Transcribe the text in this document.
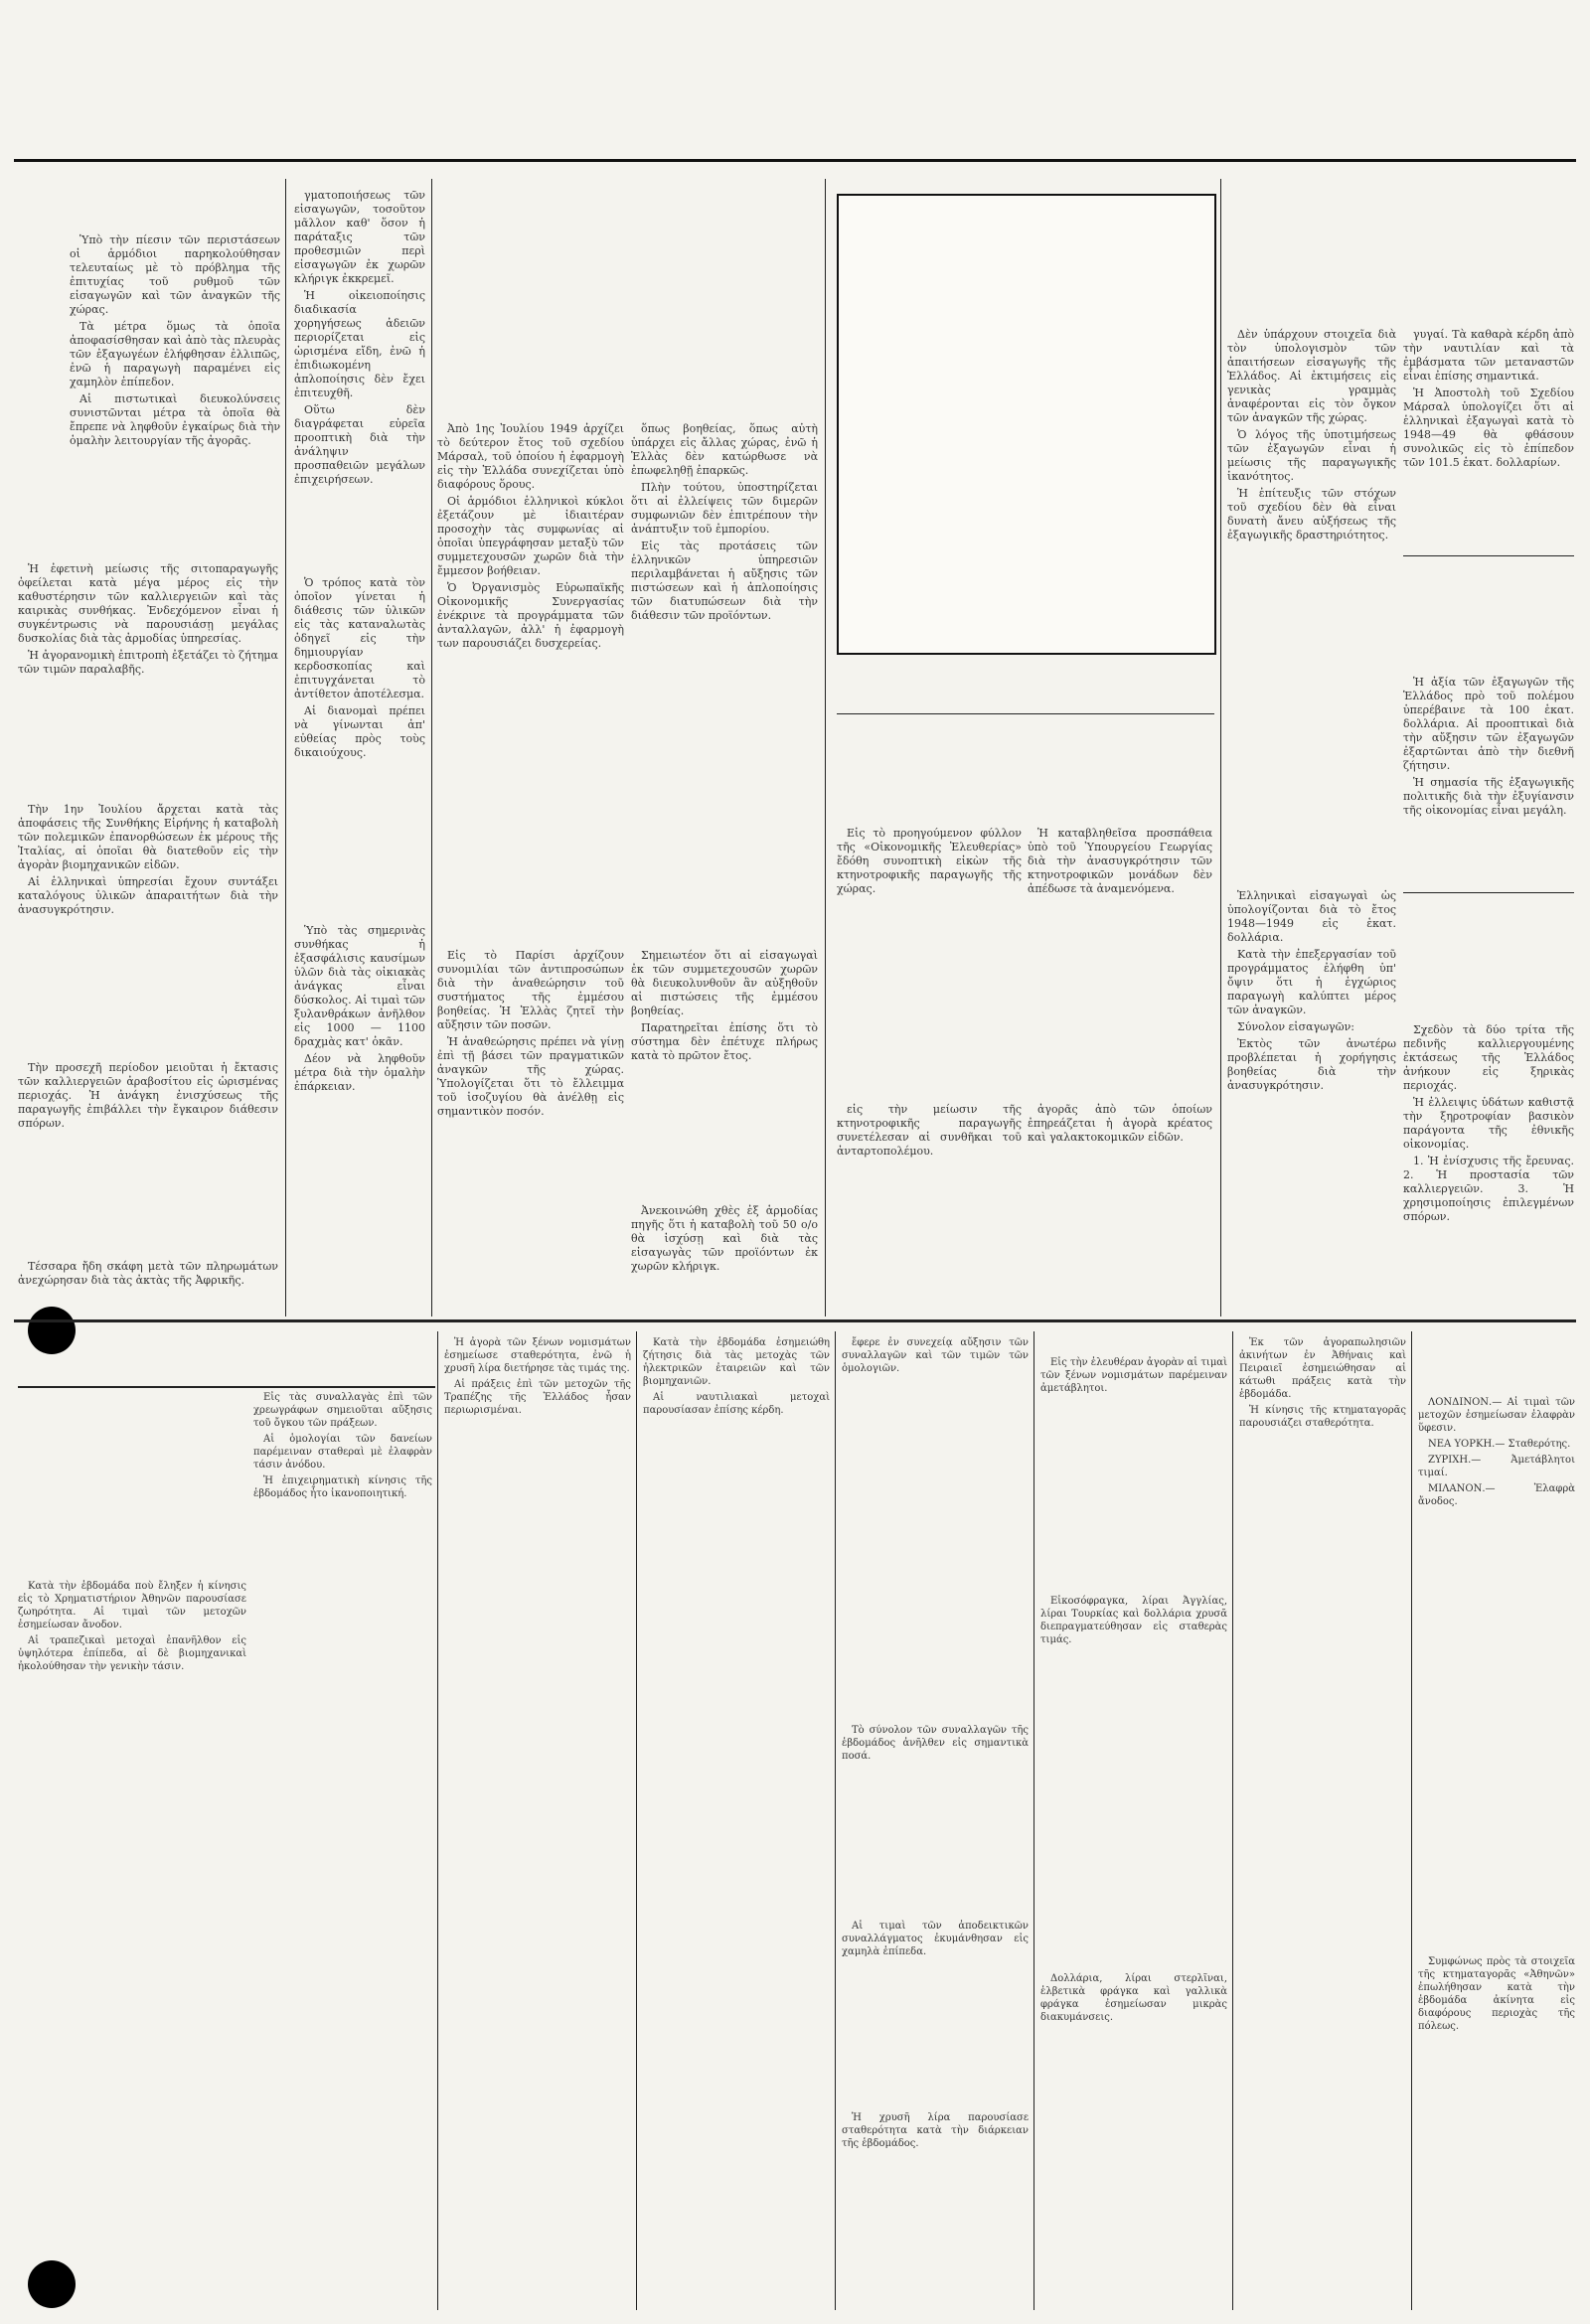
Ὑπὸ τὴν πίεσιν τῶν περιστάσεων οἱ ἁρμόδιοι παρηκολούθησαν τελευταίως μὲ τὸ πρόβλημα τῆς ἐπιτυχίας τοῦ ρυθμοῦ τῶν εἰσαγωγῶν καὶ τῶν ἀναγκῶν τῆς χώρας.

Τὰ μέτρα ὅμως τὰ ὁποῖα ἀποφασίσθησαν καὶ ἀπὸ τὰς πλευρὰς τῶν ἐξαγωγέων ἐλήφθησαν ἐλλιπῶς, ἐνῶ ἡ παραγωγὴ παραμένει εἰς χαμηλὸν ἐπίπεδον.

Αἱ πιστωτικαὶ διευκολύνσεις συνιστῶνται μέτρα τὰ ὁποῖα θὰ ἔπρεπε νὰ ληφθοῦν ἐγκαίρως διὰ τὴν ὁμαλὴν λειτουργίαν τῆς ἀγορᾶς.

Ἡ ἐφετινὴ μείωσις τῆς σιτοπαραγωγῆς ὀφείλεται κατὰ μέγα μέρος εἰς τὴν καθυστέρησιν τῶν καλλιεργειῶν καὶ τὰς καιρικὰς συνθήκας. Ἐνδεχόμενον εἶναι ἡ συγκέντρωσις νὰ παρουσιάσῃ μεγάλας δυσκολίας διὰ τὰς ἀρμοδίας ὑπηρεσίας.

Ἡ ἀγορανομικὴ ἐπιτροπὴ ἐξετάζει τὸ ζήτημα τῶν τιμῶν παραλαβῆς.

Τὴν 1ην Ἰουλίου ἄρχεται κατὰ τὰς ἀποφάσεις τῆς Συνθήκης Εἰρήνης ἡ καταβολὴ τῶν πολεμικῶν ἐπανορθώσεων ἐκ μέρους τῆς Ἰταλίας, αἱ ὁποῖαι θὰ διατεθοῦν εἰς τὴν ἀγορὰν βιομηχανικῶν εἰδῶν.

Αἱ ἑλληνικαὶ ὑπηρεσίαι ἔχουν συντάξει καταλόγους ὑλικῶν ἀπαραιτήτων διὰ τὴν ἀνασυγκρότησιν.

Τὴν προσεχῆ περίοδον μειοῦται ἡ ἔκτασις τῶν καλλιεργειῶν ἀραβοσίτου εἰς ὡρισμένας περιοχάς. Ἡ ἀνάγκη ἐνισχύσεως τῆς παραγωγῆς ἐπιβάλλει τὴν ἔγκαιρον διάθεσιν σπόρων.

Τέσσαρα ἤδη σκάφη μετὰ τῶν πληρωμάτων ἀνεχώρησαν διὰ τὰς ἀκτὰς τῆς Ἀφρικῆς.

γματοποιήσεως τῶν εἰσαγωγῶν, τοσοῦτον μᾶλλον καθ' ὅσον ἡ παράταξις τῶν προθεσμιῶν περὶ εἰσαγωγῶν ἐκ χωρῶν κλήριγκ ἐκκρεμεῖ.

Ἡ οἰκειοποίησις διαδικασία χορηγήσεως ἀδειῶν περιορίζεται εἰς ὡρισμένα εἴδη, ἐνῶ ἡ ἐπιδιωκομένη ἀπλοποίησις δὲν ἔχει ἐπιτευχθῆ.

Οὕτω δὲν διαγράφεται εὐρεῖα προοπτικὴ διὰ τὴν ἀνάληψιν προσπαθειῶν μεγάλων ἐπιχειρήσεων.

Ὁ τρόπος κατὰ τὸν ὁποῖον γίνεται ἡ διάθεσις τῶν ὑλικῶν εἰς τὰς καταναλωτὰς ὁδηγεῖ εἰς τὴν δημιουργίαν κερδοσκοπίας καὶ ἐπιτυγχάνεται τὸ ἀντίθετον ἀποτέλεσμα.

Αἱ διανομαὶ πρέπει νὰ γίνωνται ἀπ' εὐθείας πρὸς τοὺς δικαιούχους.

Ὑπὸ τὰς σημερινὰς συνθήκας ἡ ἐξασφάλισις καυσίμων ὑλῶν διὰ τὰς οἰκιακὰς ἀνάγκας εἶναι δύσκολος. Αἱ τιμαὶ τῶν ξυλανθράκων ἀνῆλθον εἰς 1000 — 1100 δραχμὰς κατ' ὀκᾶν.

Δέον νὰ ληφθοῦν μέτρα διὰ τὴν ὁμαλὴν ἐπάρκειαν.

Ἀπὸ 1ης Ἰουλίου 1949 ἀρχίζει τὸ δεύτερον ἔτος τοῦ σχεδίου Μάρσαλ, τοῦ ὁποίου ἡ ἐφαρμογὴ εἰς τὴν Ἑλλάδα συνεχίζεται ὑπὸ διαφόρους ὅρους.

Οἱ ἁρμόδιοι ἑλληνικοὶ κύκλοι ἐξετάζουν μὲ ἰδιαιτέραν προσοχὴν τὰς συμφωνίας αἱ ὁποῖαι ὑπεγράφησαν μεταξὺ τῶν συμμετεχουσῶν χωρῶν διὰ τὴν ἔμμεσον βοήθειαν.

Ὁ Ὀργανισμὸς Εὐρωπαϊκῆς Οἰκονομικῆς Συνεργασίας ἐνέκρινε τὰ προγράμματα τῶν ἀνταλλαγῶν, ἀλλ' ἡ ἐφαρμογὴ των παρουσιάζει δυσχερείας.

ὅπως βοηθείας, ὅπως αὐτὴ ὑπάρχει εἰς ἄλλας χώρας, ἐνῶ ἡ Ἑλλὰς δὲν κατώρθωσε νὰ ἐπωφεληθῇ ἐπαρκῶς.

Πλὴν τούτου, ὑποστηρίζεται ὅτι αἱ ἐλλείψεις τῶν διμερῶν συμφωνιῶν δὲν ἐπιτρέπουν τὴν ἀνάπτυξιν τοῦ ἐμπορίου.

Εἰς τὰς προτάσεις τῶν ἑλληνικῶν ὑπηρεσιῶν περιλαμβάνεται ἡ αὔξησις τῶν πιστώσεων καὶ ἡ ἀπλοποίησις τῶν διατυπώσεων διὰ τὴν διάθεσιν τῶν προϊόντων.

Εἰς τὸ Παρίσι ἀρχίζουν συνομιλίαι τῶν ἀντιπροσώπων διὰ τὴν ἀναθεώρησιν τοῦ συστήματος τῆς ἐμμέσου βοηθείας. Ἡ Ἑλλὰς ζητεῖ τὴν αὔξησιν τῶν ποσῶν.

Ἡ ἀναθεώρησις πρέπει νὰ γίνῃ ἐπὶ τῇ βάσει τῶν πραγματικῶν ἀναγκῶν τῆς χώρας. Ὑπολογίζεται ὅτι τὸ ἔλλειμμα τοῦ ἰσοζυγίου θὰ ἀνέλθῃ εἰς σημαντικὸν ποσόν.

Σημειωτέον ὅτι αἱ εἰσαγωγαὶ ἐκ τῶν συμμετεχουσῶν χωρῶν θὰ διευκολυνθοῦν ἂν αὐξηθοῦν αἱ πιστώσεις τῆς ἐμμέσου βοηθείας.

Παρατηρεῖται ἐπίσης ὅτι τὸ σύστημα δὲν ἐπέτυχε πλήρως κατὰ τὸ πρῶτον ἔτος.

Ἀνεκοινώθη χθὲς ἐξ ἁρμοδίας πηγῆς ὅτι ἡ καταβολὴ τοῦ 50 ο/ο θὰ ἰσχύσῃ καὶ διὰ τὰς εἰσαγωγὰς τῶν προϊόντων ἐκ χωρῶν κλήριγκ.

Εἰς τὸ προηγούμενον φύλλον τῆς «Οἰκονομικῆς Ἐλευθερίας» ἔδόθη συνοπτικὴ εἰκὼν τῆς κτηνοτροφικῆς παραγωγῆς τῆς χώρας.

Ἡ καταβληθεῖσα προσπάθεια ὑπὸ τοῦ Ὑπουργείου Γεωργίας διὰ τὴν ἀνασυγκρότησιν τῶν κτηνοτροφικῶν μονάδων δὲν ἀπέδωσε τὰ ἀναμενόμενα.

εἰς τὴν μείωσιν τῆς κτηνοτροφικῆς παραγωγῆς συνετέλεσαν αἱ συνθῆκαι τοῦ ἀνταρτοπολέμου.

ἀγορᾶς ἀπὸ τῶν ὁποίων ἐπηρεάζεται ἡ ἀγορὰ κρέατος καὶ γαλακτοκομικῶν εἰδῶν.

Δὲν ὑπάρχουν στοιχεῖα διὰ τὸν ὑπολογισμὸν τῶν ἀπαιτήσεων εἰσαγωγῆς τῆς Ἑλλάδος. Αἱ ἐκτιμήσεις εἰς γενικὰς γραμμὰς ἀναφέρονται εἰς τὸν ὄγκον τῶν ἀναγκῶν τῆς χώρας.

Ὁ λόγος τῆς ὑποτιμήσεως τῶν ἐξαγωγῶν εἶναι ἡ μείωσις τῆς παραγωγικῆς ἱκανότητος.

Ἡ ἐπίτευξις τῶν στόχων τοῦ σχεδίου δὲν θὰ εἶναι δυνατὴ ἄνευ αὐξήσεως τῆς ἐξαγωγικῆς δραστηριότητος.

γυγαί. Τὰ καθαρὰ κέρδη ἀπὸ τὴν ναυτιλίαν καὶ τὰ ἐμβάσματα τῶν μεταναστῶν εἶναι ἐπίσης σημαντικά.

Ἡ Ἀποστολὴ τοῦ Σχεδίου Μάρσαλ ὑπολογίζει ὅτι αἱ ἑλληνικαὶ ἐξαγωγαὶ κατὰ τὸ 1948—49 θὰ φθάσουν συνολικῶς εἰς τὸ ἐπίπεδον τῶν 101.5 ἑκατ. δολλαρίων.

Ἡ ἀξία τῶν ἐξαγωγῶν τῆς Ἑλλάδος πρὸ τοῦ πολέμου ὑπερέβαινε τὰ 100 ἑκατ. δολλάρια. Αἱ προοπτικαὶ διὰ τὴν αὔξησιν τῶν ἐξαγωγῶν ἐξαρτῶνται ἀπὸ τὴν διεθνῆ ζήτησιν.

Ἡ σημασία τῆς ἐξαγωγικῆς πολιτικῆς διὰ τὴν ἐξυγίανσιν τῆς οἰκονομίας εἶναι μεγάλη.

Ἑλληνικαὶ εἰσαγωγαὶ ὡς ὑπολογίζονται διὰ τὸ ἔτος 1948—1949 εἰς ἑκατ. δολλάρια.

Κατὰ τὴν ἐπεξεργασίαν τοῦ προγράμματος ἐλήφθη ὑπ' ὄψιν ὅτι ἡ ἐγχώριος παραγωγὴ καλύπτει μέρος τῶν ἀναγκῶν.

Σύνολον εἰσαγωγῶν:

Ἐκτὸς τῶν ἀνωτέρω προβλέπεται ἡ χορήγησις βοηθείας διὰ τὴν ἀνασυγκρότησιν.

Σχεδὸν τὰ δύο τρίτα τῆς πεδινῆς καλλιεργουμένης ἐκτάσεως τῆς Ἑλλάδος ἀνήκουν εἰς ξηρικὰς περιοχάς.

Ἡ ἐλλειψις ὑδάτων καθιστᾷ τὴν ξηροτροφίαν βασικὸν παράγοντα τῆς ἐθνικῆς οἰκονομίας.

1. Ἡ ἐνίσχυσις τῆς ἔρευνας. 2. Ἡ προστασία τῶν καλλιεργειῶν. 3. Ἡ χρησιμοποίησις ἐπιλεγμένων σπόρων.

Κατὰ τὴν ἑβδομάδα ποὺ ἔληξεν ἡ κίνησις εἰς τὸ Χρηματιστήριον Ἀθηνῶν παρουσίασε ζωηρότητα. Αἱ τιμαὶ τῶν μετοχῶν ἐσημείωσαν ἄνοδον.

Αἱ τραπεζικαὶ μετοχαὶ ἐπανῆλθον εἰς ὑψηλότερα ἐπίπεδα, αἱ δὲ βιομηχανικαὶ ἠκολούθησαν τὴν γενικὴν τάσιν.

Εἰς τὰς συναλλαγὰς ἐπὶ τῶν χρεωγράφων σημειοῦται αὔξησις τοῦ ὄγκου τῶν πράξεων.

Αἱ ὁμολογίαι τῶν δανείων παρέμειναν σταθεραὶ μὲ ἐλαφρὰν τάσιν ἀνόδου.

Ἡ ἐπιχειρηματικὴ κίνησις τῆς ἑβδομάδος ἦτο ἱκανοποιητική.

Ἡ ἀγορὰ τῶν ξένων νομισμάτων ἐσημείωσε σταθερότητα, ἐνῶ ἡ χρυσῆ λίρα διετήρησε τὰς τιμάς της.

Αἱ πράξεις ἐπὶ τῶν μετοχῶν τῆς Τραπέζης τῆς Ἑλλάδος ἦσαν περιωρισμέναι.

Κατὰ τὴν ἑβδομάδα ἐσημειώθη ζήτησις διὰ τὰς μετοχὰς τῶν ἡλεκτρικῶν ἐταιρειῶν καὶ τῶν βιομηχανιῶν.

Αἱ ναυτιλιακαὶ μετοχαὶ παρουσίασαν ἐπίσης κέρδη.

ἔφερε ἐν συνεχείᾳ αὔξησιν τῶν συναλλαγῶν καὶ τῶν τιμῶν τῶν ὁμολογιῶν.

Τὸ σύνολον τῶν συναλλαγῶν τῆς ἑβδομάδος ἀνῆλθεν εἰς σημαντικὰ ποσά.

Αἱ τιμαὶ τῶν ἀποδεικτικῶν συναλλάγματος ἐκυμάνθησαν εἰς χαμηλὰ ἐπίπεδα.

Ἡ χρυσῆ λίρα παρουσίασε σταθερότητα κατὰ τὴν διάρκειαν τῆς ἑβδομάδος.

Εἰς τὴν ἐλευθέραν ἀγορὰν αἱ τιμαὶ τῶν ξένων νομισμάτων παρέμειναν ἀμετάβλητοι.

Εἰκοσόφραγκα, λίραι Ἀγγλίας, λίραι Τουρκίας καὶ δολλάρια χρυσᾶ διεπραγματεύθησαν εἰς σταθερὰς τιμάς.

Δολλάρια, λίραι στερλῖναι, ἑλβετικὰ φράγκα καὶ γαλλικὰ φράγκα ἐσημείωσαν μικρὰς διακυμάνσεις.

Ἐκ τῶν ἀγοραπωλησιῶν ἀκινήτων ἐν Ἀθήναις καὶ Πειραιεῖ ἐσημειώθησαν αἱ κάτωθι πράξεις κατὰ τὴν ἑβδομάδα.

Ἡ κίνησις τῆς κτηματαγορᾶς παρουσιάζει σταθερότητα.

ΛΟΝΔΙΝΟΝ.— Αἱ τιμαὶ τῶν μετοχῶν ἐσημείωσαν ἐλαφρὰν ὕφεσιν.

ΝΕΑ ΥΟΡΚΗ.— Σταθερότης.

ΖΥΡΙΧΗ.— Ἀμετάβλητοι τιμαί.

ΜΙΛΑΝΟΝ.— Ἐλαφρὰ ἄνοδος.

Συμφώνως πρὸς τὰ στοιχεῖα τῆς κτηματαγορᾶς «Ἀθηνῶν» ἐπωλήθησαν κατὰ τὴν ἑβδομάδα ἀκίνητα εἰς διαφόρους περιοχὰς τῆς πόλεως.
